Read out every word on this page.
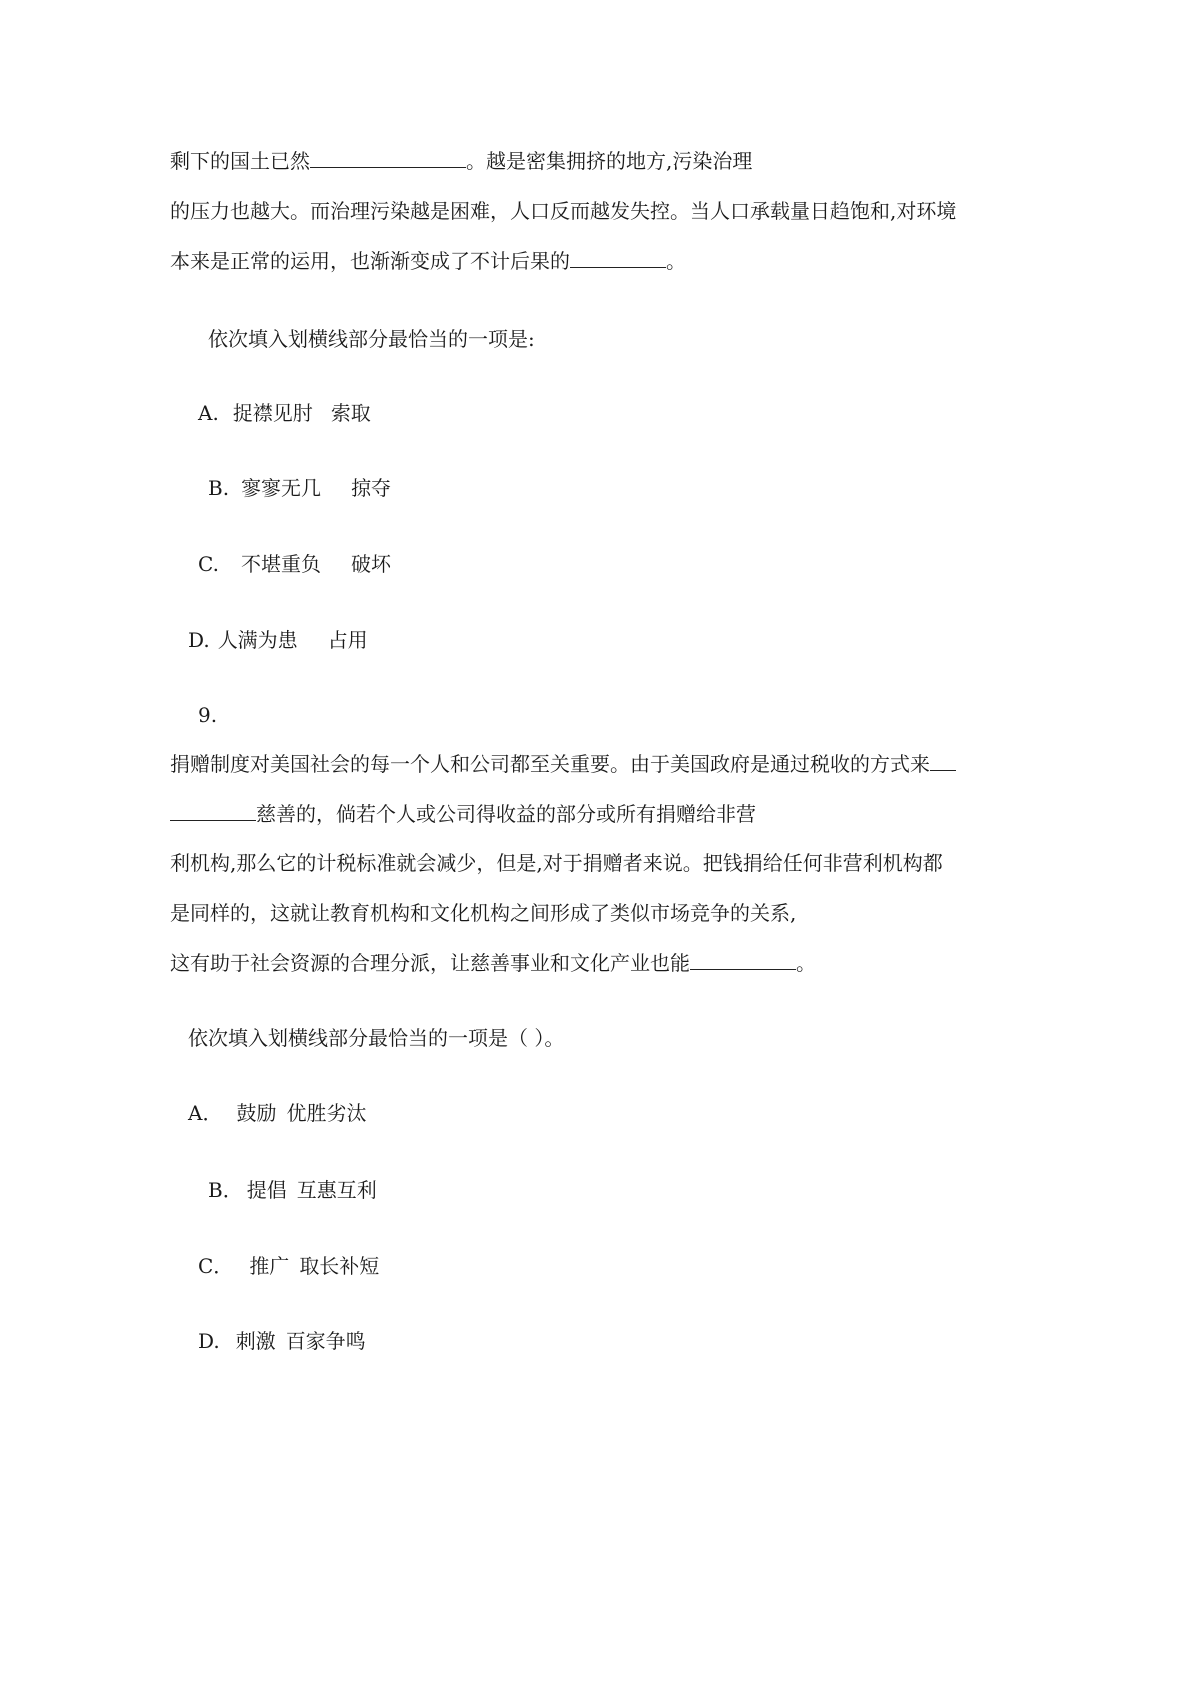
剩下的国土已然	。越是密集拥挤的地方,污染治理

的压力也越大。而治理污染越是困难，人口反而越发失控。当人口承载量日趋饱和,对环境

本来是正常的运用，也渐渐变成了不计后果的	。

依次填入划横线部分最恰当的一项是:

A. 捉襟见肘 索取

B. 寥寥无几 掠夺

C. 不堪重负 破坏

D. 人满为患 占用

9.

捐赠制度对美国社会的每一个人和公司都至关重要。由于美国政府是通过税收的方式来

慈善的，倘若个人或公司得收益的部分或所有捐赠给非营

利机构,那么它的计税标准就会减少，但是,对于捐赠者来说。把钱捐给任何非营利机构都

是同样的，这就让教育机构和文化机构之间形成了类似市场竞争的关系,

这有助于社会资源的合理分派，让慈善事业和文化产业也能	。

依次填入划横线部分最恰当的一项是（ ）。

A． 鼓励 优胜劣汰

B． 提倡 互惠互利

C． 推广 取长补短

D. 刺激 百家争鸣
